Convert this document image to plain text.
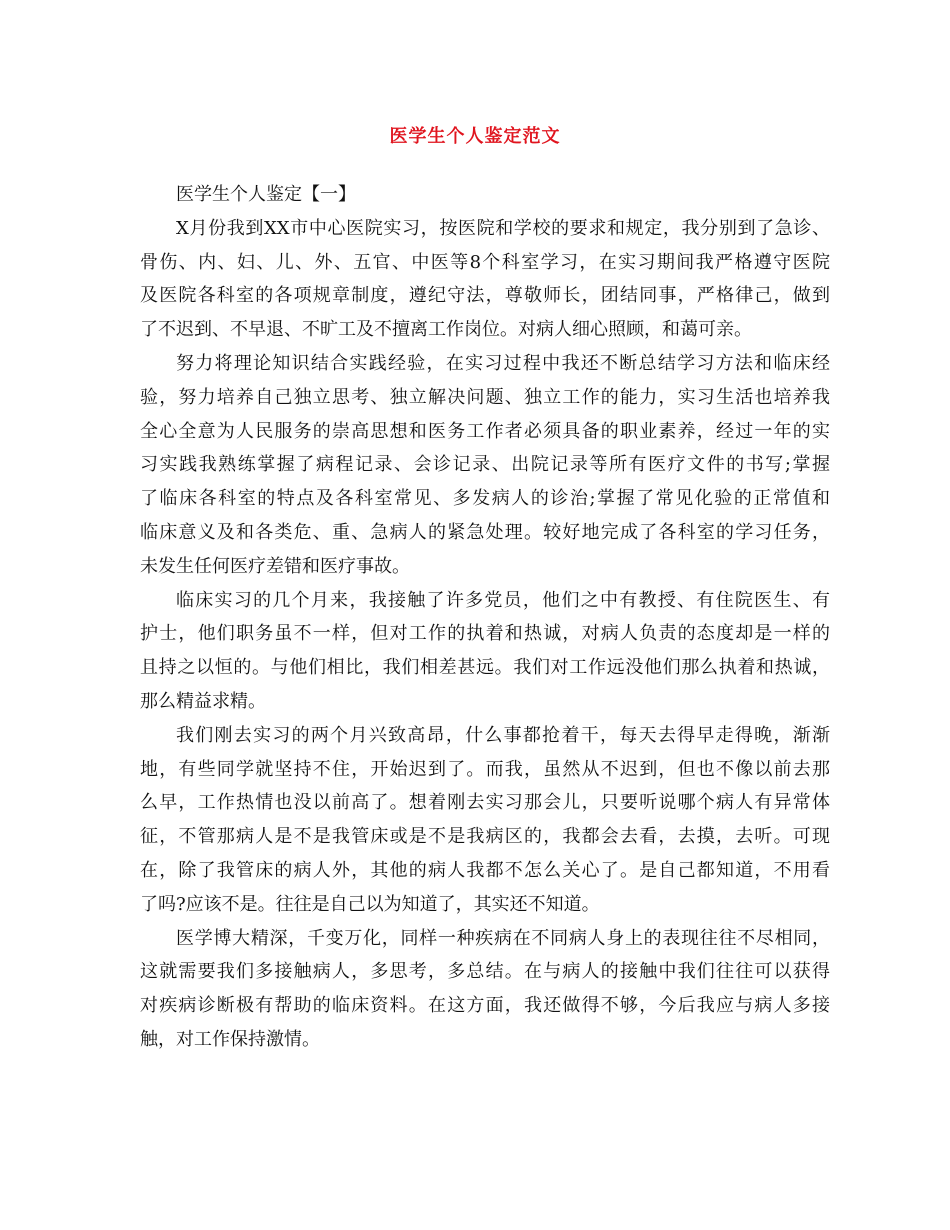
医学生个人鉴定范文
医学生个人鉴定【一】
X月份我到XX市中心医院实习，按医院和学校的要求和规定，我分别到了急诊、
骨伤、内、妇、儿、外、五官、中医等8个科室学习，在实习期间我严格遵守医院
及医院各科室的各项规章制度，遵纪守法，尊敬师长，团结同事，严格律己，做到
了不迟到、不早退、不旷工及不擅离工作岗位。对病人细心照顾，和蔼可亲。
努力将理论知识结合实践经验，在实习过程中我还不断总结学习方法和临床经
验，努力培养自己独立思考、独立解决问题、独立工作的能力，实习生活也培养我
全心全意为人民服务的崇高思想和医务工作者必须具备的职业素养，经过一年的实
习实践我熟练掌握了病程记录、会诊记录、出院记录等所有医疗文件的书写;掌握
了临床各科室的特点及各科室常见、多发病人的诊治;掌握了常见化验的正常值和
临床意义及和各类危、重、急病人的紧急处理。较好地完成了各科室的学习任务，
未发生任何医疗差错和医疗事故。
临床实习的几个月来，我接触了许多党员，他们之中有教授、有住院医生、有
护士，他们职务虽不一样，但对工作的执着和热诚，对病人负责的态度却是一样的
且持之以恒的。与他们相比，我们相差甚远。我们对工作远没他们那么执着和热诚，
那么精益求精。
我们刚去实习的两个月兴致高昂，什么事都抢着干，每天去得早走得晚，渐渐
地，有些同学就坚持不住，开始迟到了。而我，虽然从不迟到，但也不像以前去那
么早，工作热情也没以前高了。想着刚去实习那会儿，只要听说哪个病人有异常体
征，不管那病人是不是我管床或是不是我病区的，我都会去看，去摸，去听。可现
在，除了我管床的病人外，其他的病人我都不怎么关心了。是自己都知道，不用看
了吗?应该不是。往往是自己以为知道了，其实还不知道。
医学博大精深，千变万化，同样一种疾病在不同病人身上的表现往往不尽相同，
这就需要我们多接触病人，多思考，多总结。在与病人的接触中我们往往可以获得
对疾病诊断极有帮助的临床资料。在这方面，我还做得不够，今后我应与病人多接
触，对工作保持激情。
